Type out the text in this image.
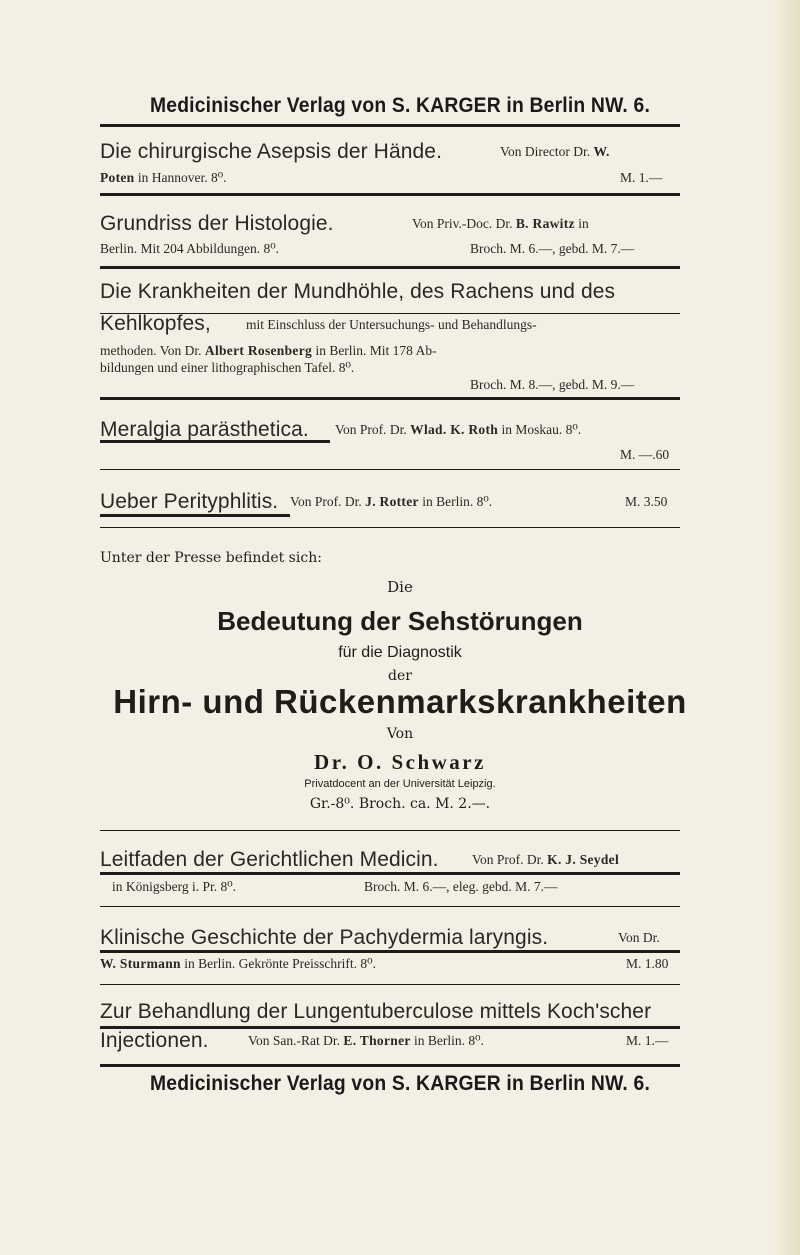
Medicinischer Verlag von S. KARGER in Berlin NW. 6.
Die chirurgische Asepsis der Hände.	Von Director Dr. W.
Poten in Hannover. 8⁰.	M. 1.—
Grundriss der Histologie.	Von Priv.-Doc. Dr. B. Rawitz in
Berlin. Mit 204 Abbildungen. 8⁰.	Broch. M. 6.—, gebd. M. 7.—
Die Krankheiten der Mundhöhle, des Rachens und des
Kehlkopfes,	mit Einschluss der Untersuchungs- und Behandlungs-
methoden. Von Dr. Albert Rosenberg in Berlin. Mit 178 Ab-
bildungen und einer lithographischen Tafel. 8⁰.
Broch. M. 8.—, gebd. M. 9.—
Meralgia parästhetica. Von Prof. Dr. Wlad. K. Roth in Moskau. 8⁰.
M. —.60
Ueber Perityphlitis. Von Prof. Dr. J. Rotter in Berlin. 8⁰.	M. 3.50
Unter der Presse befindet sich:
Die
Bedeutung der Sehstörungen
für die Diagnostik
der
Hirn- und Rückenmarkskrankheiten
Von
Dr. O. Schwarz
Privatdocent an der Universität Leipzig.
Gr.-8⁰. Broch. ca. M. 2.—.
Leitfaden der Gerichtlichen Medicin. Von Prof. Dr. K. J. Seydel
in Königsberg i. Pr. 8⁰.	Broch. M. 6.—, eleg. gebd. M. 7.—
Klinische Geschichte der Pachydermia laryngis.	Von Dr.
W. Sturmann in Berlin. Gekrönte Preisschrift. 8⁰.	M. 1.80
Zur Behandlung der Lungentuberculose mittels Koch'scher
Injectionen.	Von San.-Rat Dr. E. Thorner in Berlin. 8⁰.	M. 1.—
Medicinischer Verlag von S. KARGER in Berlin NW. 6.
